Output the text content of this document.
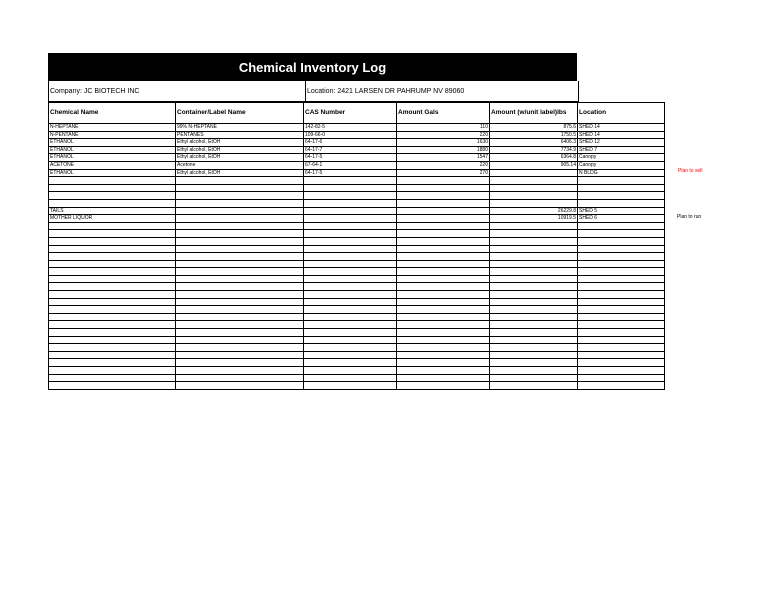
Chemical Inventory Log
Company: JC BIOTECH INC	Location: 2421 LARSEN DR PAHRUMP NV 89060
Chemical Name	Container/Label Name	CAS Number	Amount Gals	Amount (w/unit label)lbs	Location
N-HEPTANE	99% N-HEPTANE	142-82-5	110	875.6	SHED 14
N-PENTANE	PENTANES	109-66-0	220	1750.5	SHED 14
ETHANOL	Ethyl alcohol, EtOH	64-17-6	1630	6406.3	SHED 12
ETHANOL	Ethyl alcohol, EtOH	64-17-7	1880	7734.9	SHED 7
ETHANOL	Ethyl alcohol, EtOH	64-17-5	1547	6364.8	Canopy
ACETONE	Acetone	67-64-1	220	905.14	Canopy
ETHANOL	Ethyl alcohol, EtOH	64-17-5	270		N BLDG

TAILS				26229.8	SHED 5
MOTHER LIQUOR				10919.5	SHED 6

Plan to sell
Plan to run
